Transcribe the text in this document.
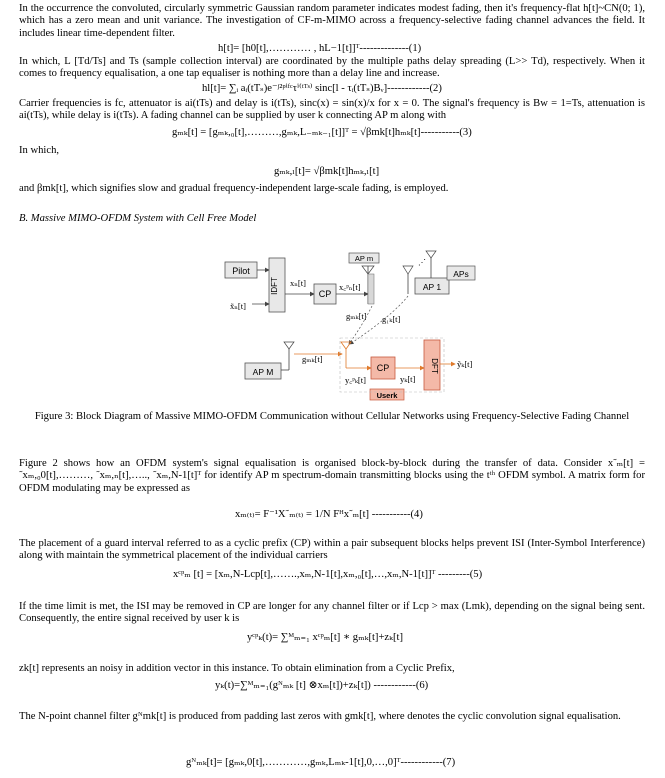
In the occurrence the convoluted, circularly symmetric Gaussian random parameter indicates modest fading, then it's frequency-flat h[t]~CN(0; 1), which has a zero mean and unit variance. The investigation of CF-m-MIMO across a frequency-selective fading channel advances the field. It includes linear time-dependent filter.

h[t]= [h0[t],………… , hL−1[t]]ᵀ--------------(1)

In which, L [Td/Ts] and Ts (sample collection interval) are coordinated by the multiple paths delay spreading (L>> Td), respectively. When it comes to frequency equalisation, a one tap equaliser is nothing more than a delay line and increase.

hl[t]= ∑ᵢ aᵢ(tTₛ)e⁻ʲ²ᵖⁱᶠᶜτⁱ⁽ᵗᵀˢ⁾ sinc[l - τᵢ(tTₛ)Bᵥ]------------(2)

Carrier frequencies is fc, attenuator is ai(tTs) and delay is i(tTs), sinc(x) = sin(x)/x for x = 0. The signal's frequency is Bw = 1=Ts, attenuation is ai(tTs), while delay is i(tTs). A fading channel can be supplied by user k connecting AP m along with

gₘₖ[t] = [gₘₖ,₀[t],………,gₘₖ,L₋ₘₖ₋₁[t]]ᵀ = √βmk[t]hₘₖ[t]-----------(3)

In which,

gₘₖ,ₗ[t]= √βmk[t]hₘₖ,ₗ[t]

and βmk[t], which signifies slow and gradual frequency-independent large-scale fading, is employed.

B. Massive MIMO-OFDM System with Cell Free Model
Pilot
IDFT
x̃ₙ[t]
xₙ[t]
CP
x꜀ᵖₙ[t]
AP m
AP 1
⋰
APs
gₘₖ[t] g₁ₖ[t]
AP M
gₘₖ[t]
y꜀ᵖₖ[t]
CP
yₖ[t]
DFT ỹₖ[t]
Userk
Figure 3: Block Diagram of Massive MIMO-OFDM Communication without Cellular Networks using Frequency-Selective Fading Channel

Figure 2 shows how an OFDM system's signal equalisation is organised block-by-block during the transfer of data. Consider x˜ₘ[t] = ˜xₘ,₀0[t],………, ˜xₘ,ₙ[t],….., ˜xₘ,N-1[t]ᵀ for identify AP m spectrum-domain transmitting blocks using the tᵗʰ OFDM symbol. A matrix form for OFDM modulating may be expressed as

xₘ₍ₜ₎= F⁻¹X˜ₘ₍ₜ₎ = 1/N Fᴴx˜ₘ[t] -----------(4)

The placement of a guard interval referred to as a cyclic prefix (CP) within a pair subsequent blocks helps prevent ISI (Inter-Symbol Interference) along with maintain the symmetrical placement of the individual carriers

xᶜᵖₘ [t] = [xₘ,N-Lcp[t],…….,xₘ,N-1[t],xₘ,₀[t],…,xₘ,N-1[t]]ᵀ ---------(5)

If the time limit is met, the ISI may be removed in CP are longer for any channel filter or if Lcp > max (Lmk), depending on the signal being sent. Consequently, the entire signal received by user k is

yᶜᵖₖ(t)= ∑ᴹₘ₌₁ xᶜᵖₘ[t] ∗ gₘₖ[t]+zₖ[t]

zk[t] represents an noisy in addition vector in this instance. To obtain elimination from a Cyclic Prefix,

yₖ(t)=∑ᴹₘ₌₁(gᴺₘₖ [t] ⊗xₘ[t])+zₖ[t]) ------------(6)

The N-point channel filter gᴺmk[t] is produced from padding last zeros with gmk[t], where denotes the cyclic convolution signal equalisation.

gᴺₘₖ[t]= [gₘₖ,0[t],…………,gₘₖ,Lₘₖ-1[t],0,…,0]ᵀ------------(7)
